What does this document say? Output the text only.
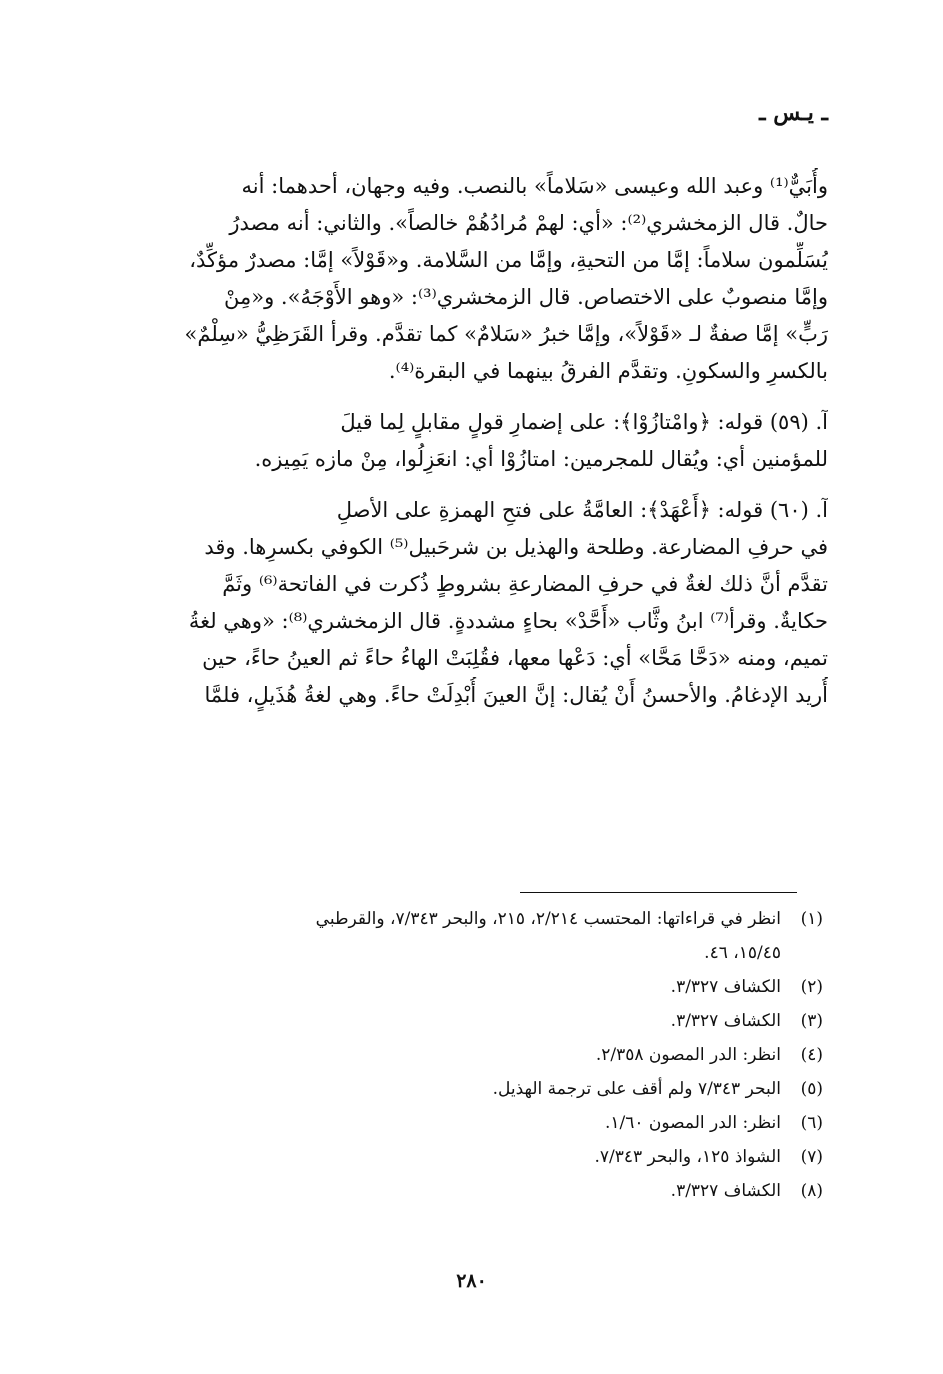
ـ يـس ـ
وأُبَيٌّ⁽¹⁾ وعبد الله وعيسى «سَلاماً» بالنصب. وفيه وجهان، أحدهما: أنه
حالٌ. قال الزمخشري⁽²⁾: «أي: لهمْ مُرادُهُمْ خالصاً». والثاني: أنه مصدرُ
يُسَلِّمون سلاماً: إمَّا من التحيةِ، وإمَّا من السَّلامة. و«قَوْلاً» إمَّا: مصدرٌ مؤكِّدٌ،
وإمَّا منصوبٌ على الاختصاص. قال الزمخشري⁽³⁾: «وهو الأَوْجَهُ». و«مِنْ
رَبٍّ» إمَّا صفةٌ لـ «قَوْلاً»، وإمَّا خبرُ «سَلامٌ» كما تقدَّم. وقرأ القَرَظِيُّ «سِلْمٌ»
بالكسرِ والسكونِ. وتقدَّم الفرقُ بينهما في البقرة⁽⁴⁾.
آ. (٥٩) قوله: ﴿وامْتازُوْا﴾: على إضمارِ قولٍ مقابلٍ لِما قيلَ
للمؤمنين أي: ويُقال للمجرمين: امتازُوْا أي: انعَزِلُوا، مِنْ مازه يَمِيزه.
آ. (٦٠) قوله: ﴿أَعْهَدْ﴾: العامَّةُ على فتحِ الهمزةِ على الأصلِ
في حرفِ المضارعة. وطلحة والهذيل بن شرحَبيل⁽⁵⁾ الكوفي بكسرِها. وقد
تقدَّم أنَّ ذلك لغةٌ في حرفِ المضارعةِ بشروطٍ ذُكرت في الفاتحة⁽⁶⁾ وثَمَّ
حكايةٌ. وقرأ⁽⁷⁾ ابنُ وثَّاب «أَحَّدْ» بحاءٍ مشددةٍ. قال الزمخشري⁽⁸⁾: «وهي لغةُ
تميم، ومنه «دَحَّا مَحَّا» أي: دَعْها معها، فقُلِبَتْ الهاءُ حاءً ثم العينُ حاءً، حين
أُريد الإدغامُ. والأحسنُ أَنْ يُقال: إنَّ العينَ أُبْدِلَتْ حاءً. وهي لغةُ هُذَيلٍ، فلمَّا
(١)
انظر في قراءاتها: المحتسب ٢/٢١٤، ٢١٥، والبحر ٧/٣٤٣، والقرطبي
١٥/٤٥، ٤٦.
(٢)
الكشاف ٣/٣٢٧.
(٣)
الكشاف ٣/٣٢٧.
(٤)
انظر: الدر المصون ٢/٣٥٨.
(٥)
البحر ٧/٣٤٣ ولم أقف على ترجمة الهذيل.
(٦)
انظر: الدر المصون ١/٦٠.
(٧)
الشواذ ١٢٥، والبحر ٧/٣٤٣.
(٨)
الكشاف ٣/٣٢٧.
٢٨٠
